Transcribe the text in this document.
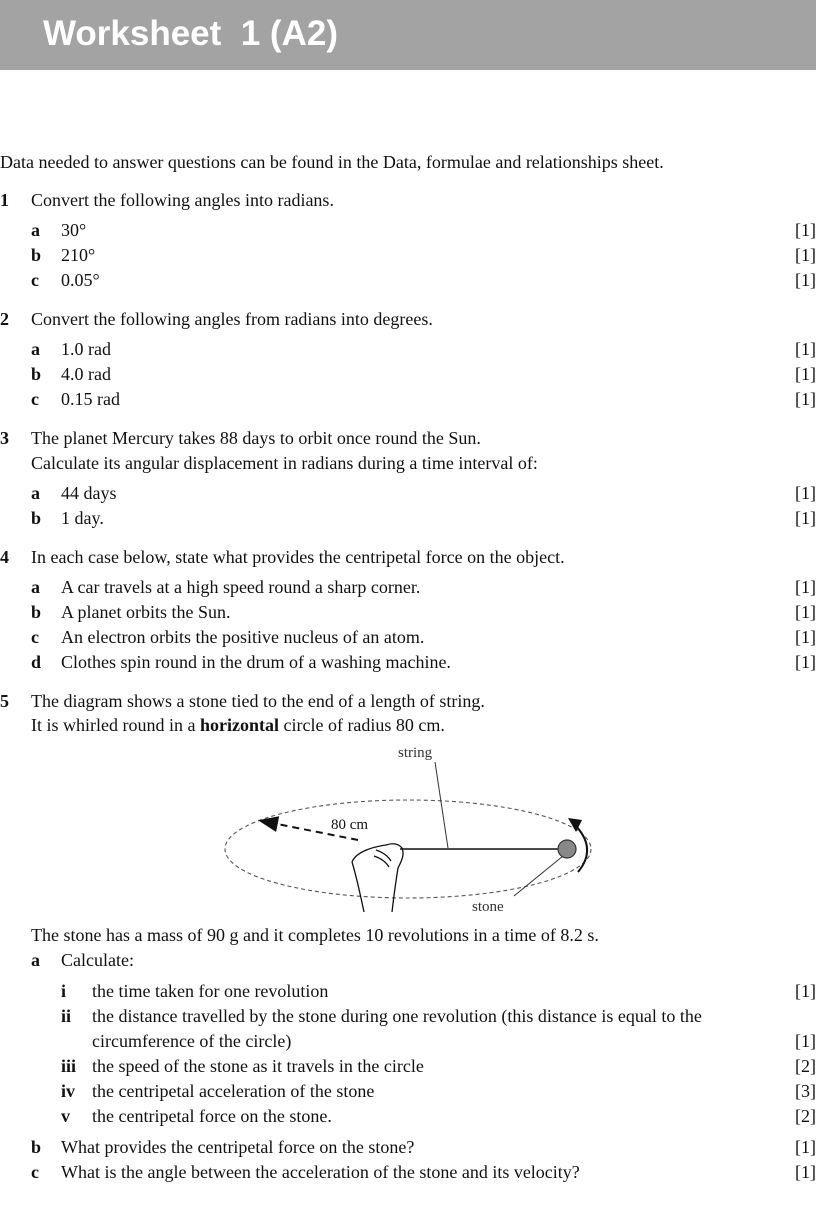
Worksheet  1 (A2)
Data needed to answer questions can be found in the Data, formulae and relationships sheet.
1 Convert the following angles into radians.
a 30°	[1]
b 210°	[1]
c 0.05°	[1]
2 Convert the following angles from radians into degrees.
a 1.0 rad	[1]
b 4.0 rad	[1]
c 0.15 rad	[1]
3 The planet Mercury takes 88 days to orbit once round the Sun.
Calculate its angular displacement in radians during a time interval of:
a 44 days	[1]
b 1 day.	[1]
4 In each case below, state what provides the centripetal force on the object.
a A car travels at a high speed round a sharp corner.	[1]
b A planet orbits the Sun.	[1]
c An electron orbits the positive nucleus of an atom.	[1]
d Clothes spin round in the drum of a washing machine.	[1]
5 The diagram shows a stone tied to the end of a length of string.
It is whirled round in a horizontal circle of radius 80 cm.
string
80 cm
stone
The stone has a mass of 90 g and it completes 10 revolutions in a time of 8.2 s.
a Calculate:
i the time taken for one revolution	[1]
ii the distance travelled by the stone during one revolution (this distance is equal to the
circumference of the circle)	[1]
iii the speed of the stone as it travels in the circle	[2]
iv the centripetal acceleration of the stone	[3]
v the centripetal force on the stone.	[2]
b What provides the centripetal force on the stone?	[1]
c What is the angle between the acceleration of the stone and its velocity?	[1]
